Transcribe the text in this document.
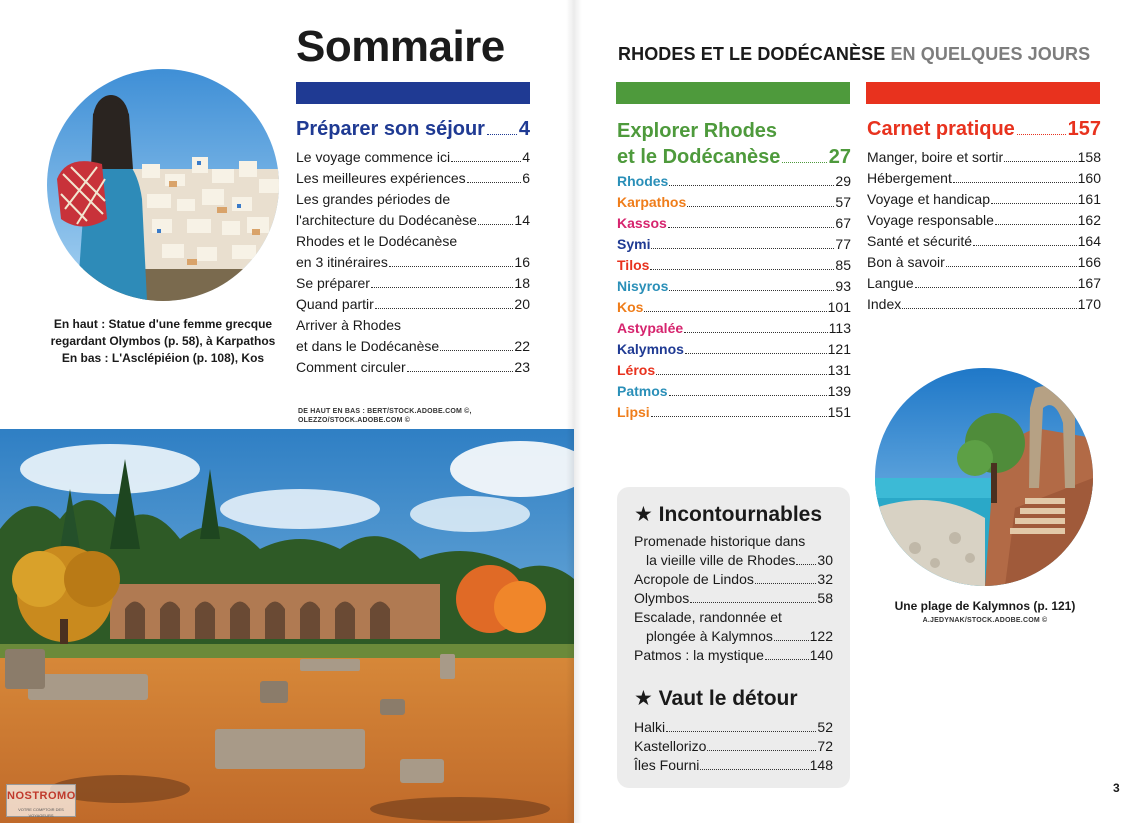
En haut : Statue d'une femme grecque
regardant Olymbos (p. 58), à Karpathos
En bas : L'Asclépiéion (p. 108), Kos
Sommaire
Préparer son séjour 4
Le voyage commence ici	4
Les meilleures expériences	6
Les grandes périodes de
l'architecture du Dodécanèse	14
Rhodes et le Dodécanèse
en 3 itinéraires	16
Se préparer	18
Quand partir	20
Arriver à Rhodes
et dans le Dodécanèse	22
Comment circuler	23
DE HAUT EN BAS : BERT/STOCK.ADOBE.COM ©,
OLEZZO/STOCK.ADOBE.COM ©
NOSTROMO
VOTRE COMPTOIR DES VOYAGEURS
RHODES ET LE DODÉCANÈSE EN QUELQUES JOURS
Explorer Rhodes
et le Dodécanèse 27
Rhodes	29
Karpathos	57
Kassos	67
Symi	77
Tilos	85
Nisyros	93
Kos	101
Astypalée	113
Kalymnos	121
Léros	131
Patmos	139
Lipsi	151
Carnet pratique	157
Manger, boire et sortir	158
Hébergement	160
Voyage et handicap	161
Voyage responsable	162
Santé et sécurité	164
Bon à savoir	166
Langue	167
Index	170
Une plage de Kalymnos (p. 121)
A.JEDYNAK/STOCK.ADOBE.COM ©
★ Incontournables
Promenade historique dans
la vieille ville de Rhodes 30
Acropole de Lindos	32
Olymbos	58
Escalade, randonnée et
plongée à Kalymnos	122
Patmos : la mystique	140
★ Vaut le détour
Halki	52
Kastellorizo	72
Îles Fourni	148
3
